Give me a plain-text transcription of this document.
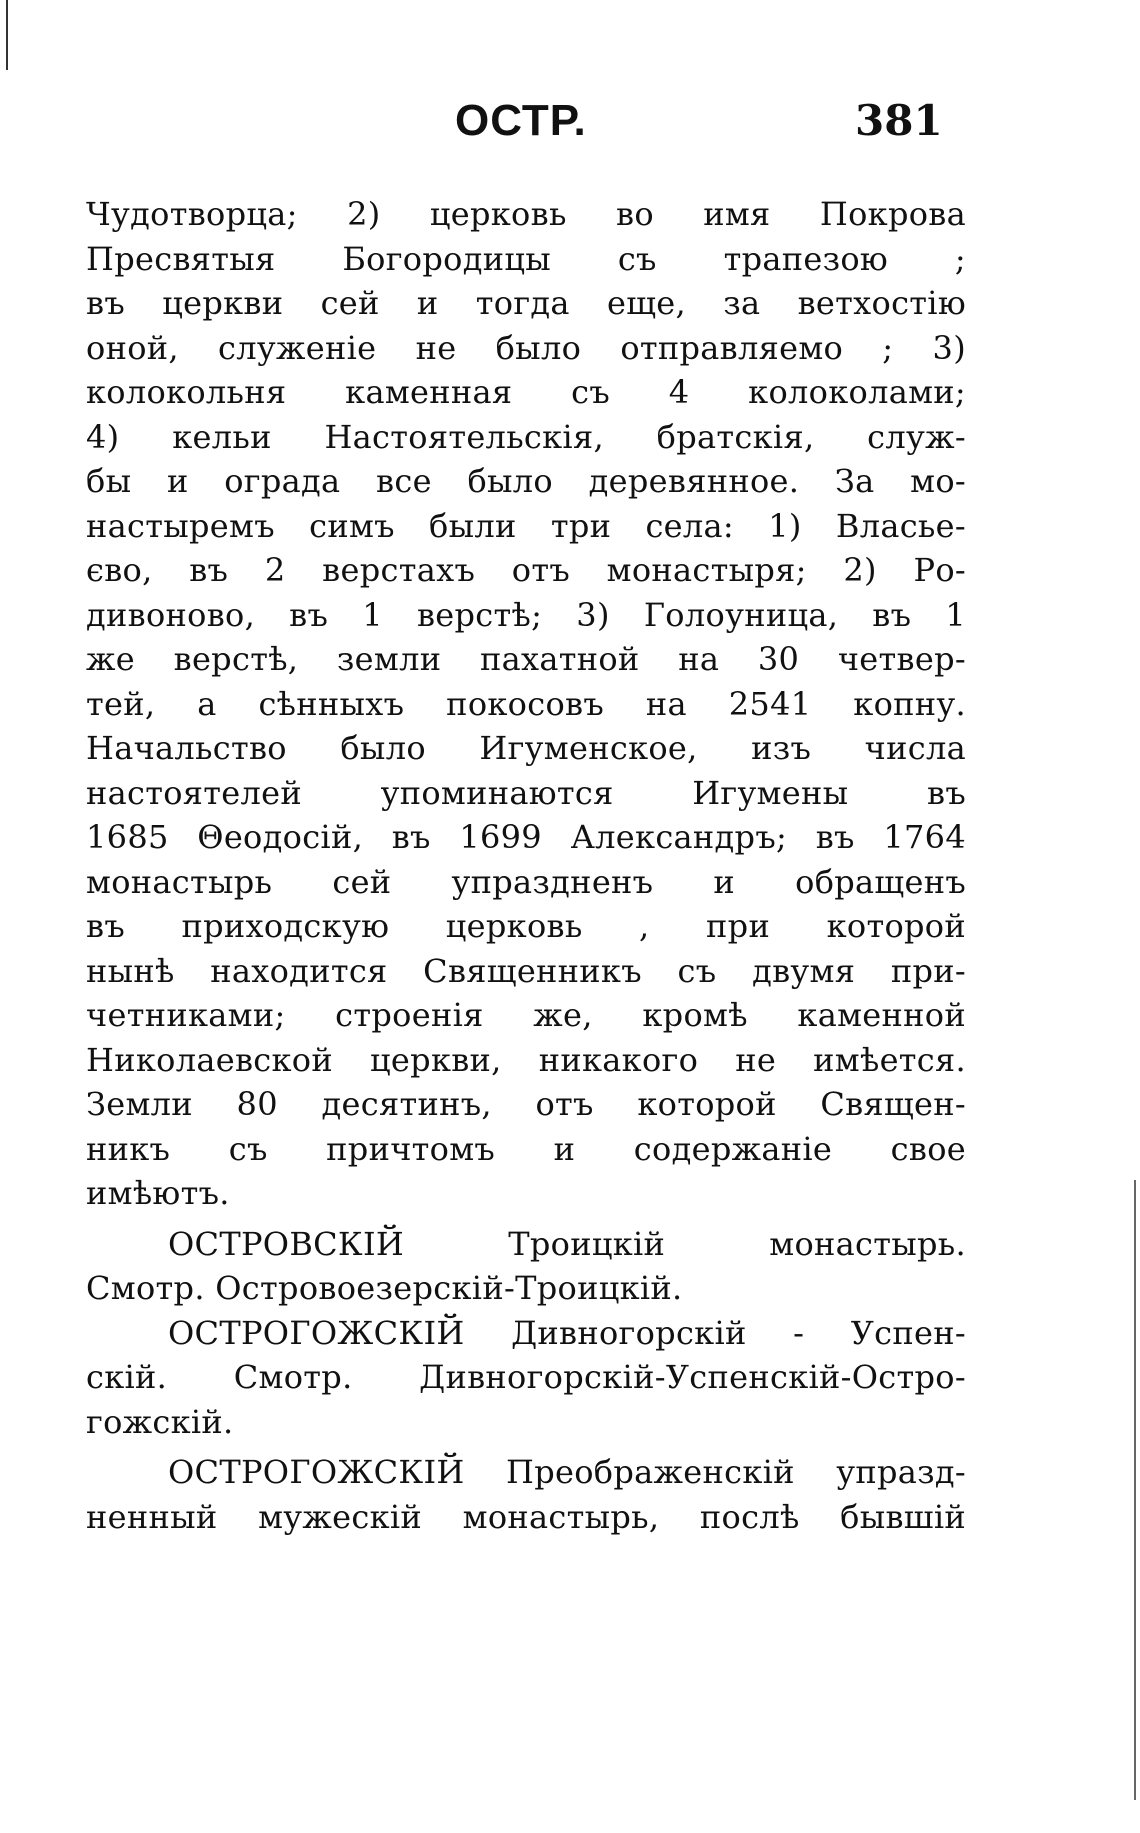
ОСТР.	381
Чудотворца; 2) церковь во имя Покрова
Пресвятыя Богородицы съ трапезою ;
въ церкви сей и тогда еще, за ветхостію
оной, служеніе не было отправляемо ; 3)
колокольня каменная съ 4 колоколами;
4) кельи Настоятельскія, братскія, служ-
бы и ограда все было деревянное. За мо-
настыремъ симъ были три села: 1) Власье-
єво, въ 2 верстахъ отъ монастыря; 2) Ро-
дивоново, въ 1 верстѣ; 3) Голоуница, въ 1
же верстѣ, земли пахатной на 30 четвер-
тей, а сѣнныхъ покосовъ на 2541 копну.
Начальство было Игуменское, изъ числа
настоятелей упоминаются Игумены въ
1685 Θеодосій, въ 1699 Александръ; въ 1764
монастырь сей упраздненъ и обращенъ
въ приходскую церковь , при которой
нынѣ находится Священникъ съ двумя при-
четниками; строенія же, кромѣ каменной
Николаевской церкви, никакого не имѣется.
Земли 80 десятинъ, отъ которой Священ-
никъ съ причтомъ и содержаніе свое
имѣютъ.
ОСТРОВСКІЙ Троицкій монастырь.
Смотр. Островоезерскій-Троицкій.
ОСТРОГОЖСКІЙ Дивногорскій - Успен-
скій. Смотр. Дивногорскій-Успенскій-Остро-
гожскій.
ОСТРОГОЖСКІЙ Преображенскій упразд-
ненный мужескій монастырь, послѣ бывшій
